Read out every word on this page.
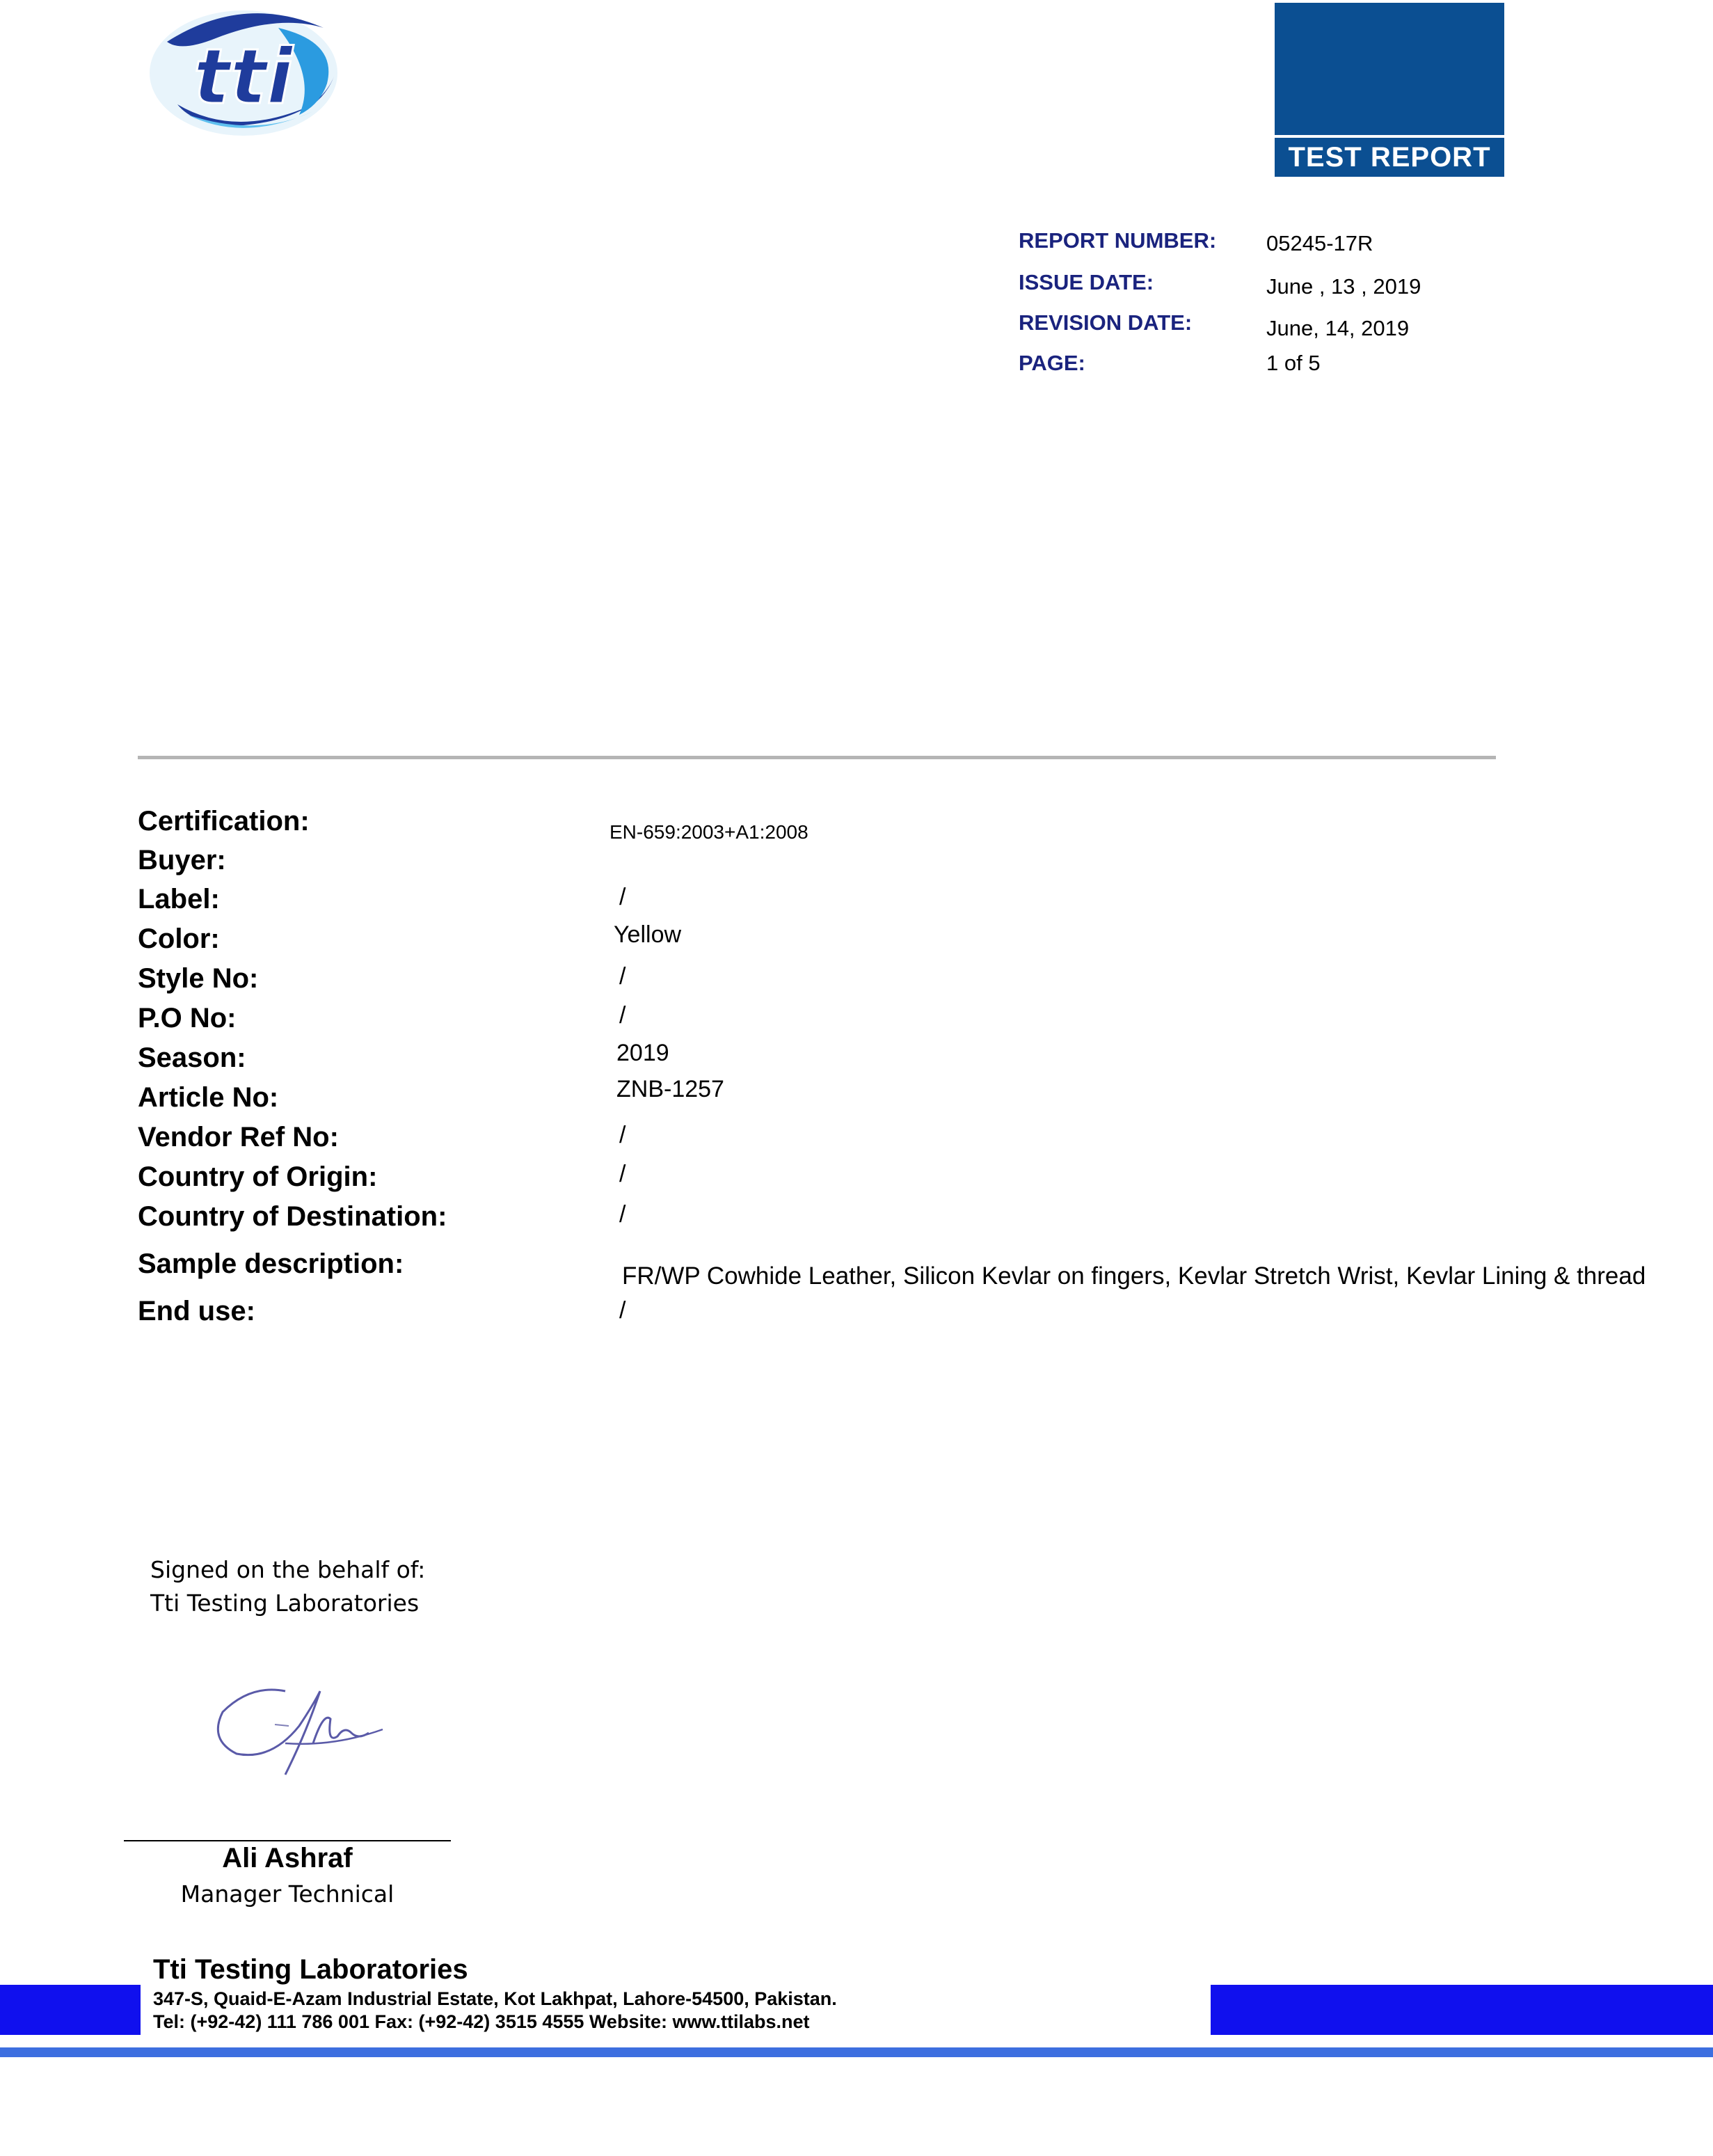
tti
TEST REPORT
REPORT NUMBER: 05245-17R
ISSUE DATE:	June , 13 , 2019
REVISION DATE:	June, 14, 2019
PAGE:	1 of 5
Certification:	EN-659:2003+A1:2008
Buyer:
Label:	/
Color:	Yellow
Style No:	/
P.O No:	/
Season:	2019
Article No:	ZNB-1257
Vendor Ref No:	/
Country of Origin:	/
Country of Destination:	/
Sample description:	FR/WP Cowhide Leather, Silicon Kevlar on fingers, Kevlar Stretch Wrist, Kevlar Lining & thread
End use:	/
Signed on the behalf of:
Tti Testing Laboratories
Ali Ashraf
Manager Technical
Tti Testing Laboratories
347-S, Quaid-E-Azam Industrial Estate, Kot Lakhpat, Lahore-54500, Pakistan.
Tel: (+92-42) 111 786 001 Fax: (+92-42) 3515 4555 Website: www.ttilabs.net
